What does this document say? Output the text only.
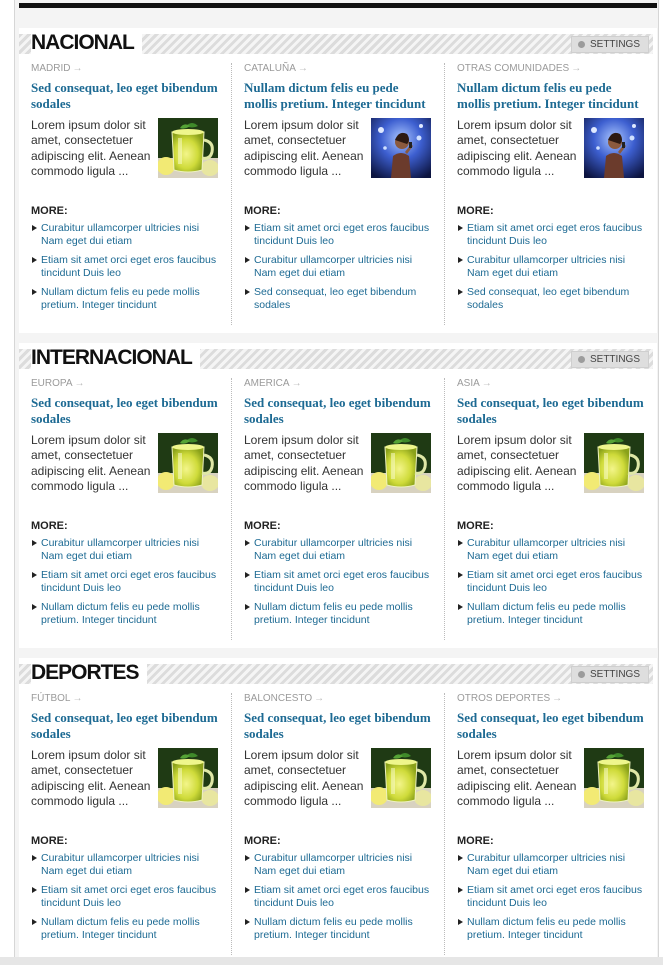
NACIONAL	SETTINGS

MADRID →

Sed consequat, leo eget bibendum sodales

Lorem ipsum dolor sit amet, consectetuer adipiscing elit. Aenean commodo ligula ...

MORE:
Curabitur ullamcorper ultricies nisi Nam eget dui etiam
Etiam sit amet orci eget eros faucibus tincidunt Duis leo
Nullam dictum felis eu pede mollis pretium. Integer tincidunt

CATALUÑA →

Nullam dictum felis eu pede mollis pretium. Integer tincidunt

Lorem ipsum dolor sit amet, consectetuer adipiscing elit. Aenean commodo ligula ...

MORE:
Etiam sit amet orci eget eros faucibus tincidunt Duis leo
Curabitur ullamcorper ultricies nisi Nam eget dui etiam
Sed consequat, leo eget bibendum sodales

OTRAS COMUNIDADES →

Nullam dictum felis eu pede mollis pretium. Integer tincidunt

Lorem ipsum dolor sit amet, consectetuer adipiscing elit. Aenean commodo ligula ...

MORE:
Etiam sit amet orci eget eros faucibus tincidunt Duis leo
Curabitur ullamcorper ultricies nisi Nam eget dui etiam
Sed consequat, leo eget bibendum sodales
INTERNACIONAL	SETTINGS

EUROPA →

Sed consequat, leo eget bibendum sodales

Lorem ipsum dolor sit amet, consectetuer adipiscing elit. Aenean commodo ligula ...

MORE:
Curabitur ullamcorper ultricies nisi Nam eget dui etiam
Etiam sit amet orci eget eros faucibus tincidunt Duis leo
Nullam dictum felis eu pede mollis pretium. Integer tincidunt

AMERICA →

Sed consequat, leo eget bibendum sodales

Lorem ipsum dolor sit amet, consectetuer adipiscing elit. Aenean commodo ligula ...

MORE:
Curabitur ullamcorper ultricies nisi Nam eget dui etiam
Etiam sit amet orci eget eros faucibus tincidunt Duis leo
Nullam dictum felis eu pede mollis pretium. Integer tincidunt

ASIA →

Sed consequat, leo eget bibendum sodales

Lorem ipsum dolor sit amet, consectetuer adipiscing elit. Aenean commodo ligula ...

MORE:
Curabitur ullamcorper ultricies nisi Nam eget dui etiam
Etiam sit amet orci eget eros faucibus tincidunt Duis leo
Nullam dictum felis eu pede mollis pretium. Integer tincidunt
DEPORTES	SETTINGS

FÚTBOL →

Sed consequat, leo eget bibendum sodales

Lorem ipsum dolor sit amet, consectetuer adipiscing elit. Aenean commodo ligula ...

MORE:
Curabitur ullamcorper ultricies nisi Nam eget dui etiam
Etiam sit amet orci eget eros faucibus tincidunt Duis leo
Nullam dictum felis eu pede mollis pretium. Integer tincidunt

BALONCESTO →

Sed consequat, leo eget bibendum sodales

Lorem ipsum dolor sit amet, consectetuer adipiscing elit. Aenean commodo ligula ...

MORE:
Curabitur ullamcorper ultricies nisi Nam eget dui etiam
Etiam sit amet orci eget eros faucibus tincidunt Duis leo
Nullam dictum felis eu pede mollis pretium. Integer tincidunt

OTROS DEPORTES →

Sed consequat, leo eget bibendum sodales

Lorem ipsum dolor sit amet, consectetuer adipiscing elit. Aenean commodo ligula ...

MORE:
Curabitur ullamcorper ultricies nisi Nam eget dui etiam
Etiam sit amet orci eget eros faucibus tincidunt Duis leo
Nullam dictum felis eu pede mollis pretium. Integer tincidunt
